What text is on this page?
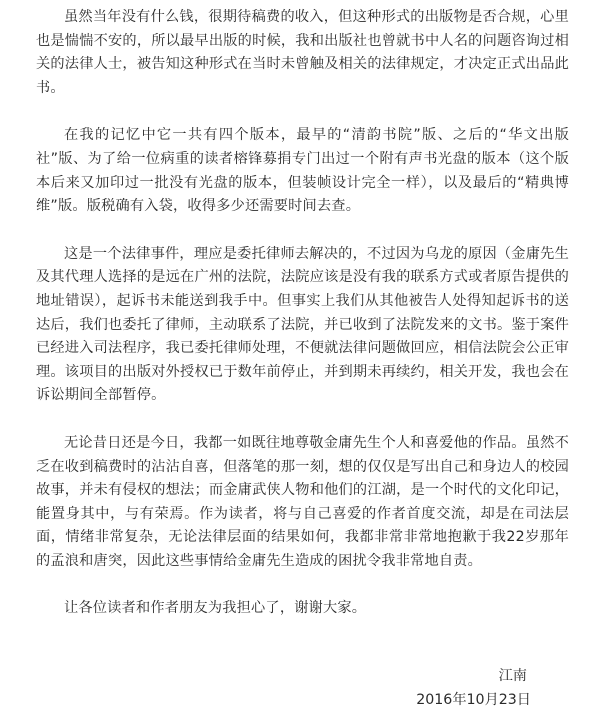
虽然当年没有什么钱，很期待稿费的收入，但这种形式的出版物是否合规，心里也是惴惴不安的，所以最早出版的时候，我和出版社也曾就书中人名的问题咨询过相关的法律人士，被告知这种形式在当时未曾触及相关的法律规定，才决定正式出品此书。

在我的记忆中它一共有四个版本，最早的“清韵书院”版、之后的“华文出版社”版、为了给一位病重的读者榕锋募捐专门出过一个附有声书光盘的版本（这个版本后来又加印过一批没有光盘的版本，但装帧设计完全一样），以及最后的“精典博维”版。版税确有入袋，收得多少还需要时间去查。

这是一个法律事件，理应是委托律师去解决的，不过因为乌龙的原因（金庸先生及其代理人选择的是远在广州的法院，法院应该是没有我的联系方式或者原告提供的地址错误），起诉书未能送到我手中。但事实上我们从其他被告人处得知起诉书的送达后，我们也委托了律师，主动联系了法院，并已收到了法院发来的文书。鉴于案件已经进入司法程序，我已委托律师处理，不便就法律问题做回应，相信法院会公正审理。该项目的出版对外授权已于数年前停止，并到期未再续约，相关开发，我也会在诉讼期间全部暂停。

无论昔日还是今日，我都一如既往地尊敬金庸先生个人和喜爱他的作品。虽然不乏在收到稿费时的沾沾自喜，但落笔的那一刻，想的仅仅是写出自己和身边人的校园故事，并未有侵权的想法；而金庸武侠人物和他们的江湖，是一个时代的文化印记，能置身其中，与有荣焉。作为读者，将与自己喜爱的作者首度交流，却是在司法层面，情绪非常复杂，无论法律层面的结果如何，我都非常非常地抱歉于我22岁那年的孟浪和唐突，因此这些事情给金庸先生造成的困扰令我非常地自责。

让各位读者和作者朋友为我担心了，谢谢大家。

江南
2016年10月23日
